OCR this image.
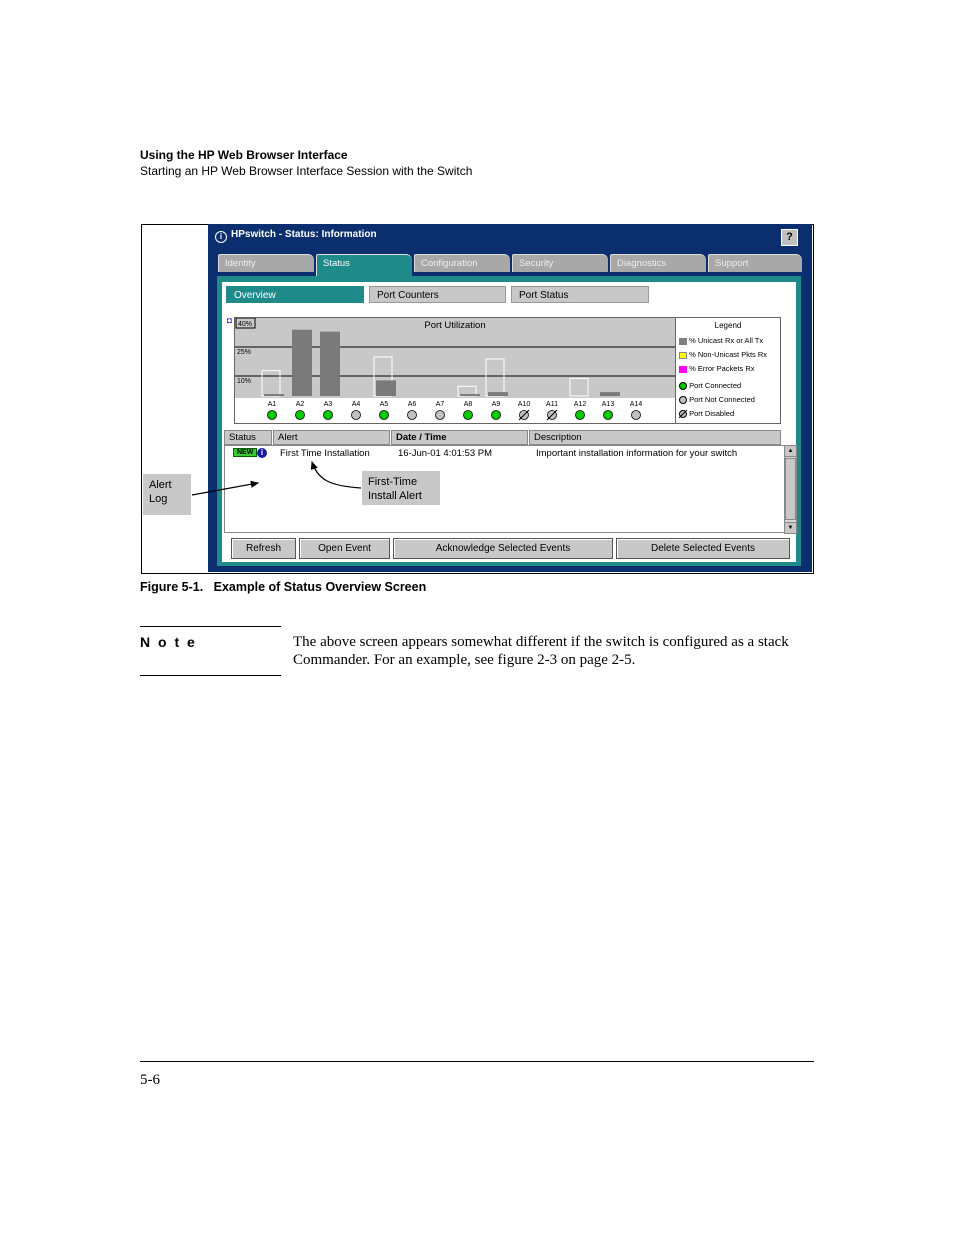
Using the HP Web Browser Interface
Starting an HP Web Browser Interface Session with the Switch
i HPswitch - Status: Information	?
Identity	Status	Configuration	Security	Diagnostics	Support
Overview	Port Counters	Port Status
40%
25%
10%
Port Utilization
A1	A2	A3	A4	A5	A6	A7	A8	A9 A10 A11 A12 A13 A14
◘
Legend
% Unicast Rx or All Tx
% Non-Unicast Pkts Rx
% Error Packets Rx
Port Connected
Port Not Connected
Port Disabled
Status	Alert	Date / Time	Description
NEW i	First Time Installation	16-Jun-01 4:01:53 PM	Important installation information for your switch	▲
▼
Refresh	Open Event	Acknowledge Selected Events	Delete Selected Events
Alert
Log
First-Time
Install Alert
Figure 5-1.   Example of Status Overview Screen
N o t e	The above screen appears somewhat different if the switch is configured as a stack Commander. For an example, see figure 2-3 on page 2-5.
5-6
